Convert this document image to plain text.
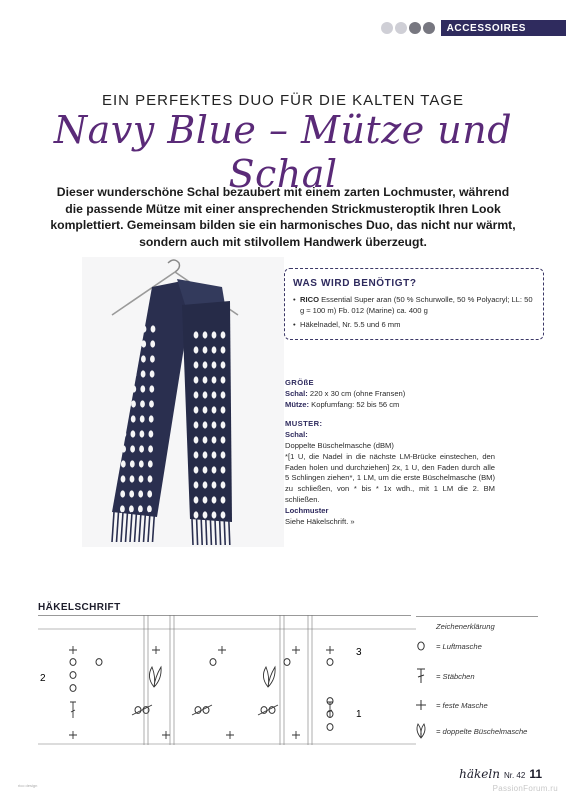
ACCESSOIRES
EIN PERFEKTES DUO FÜR DIE KALTEN TAGE
Navy Blue – Mütze und Schal
Dieser wunderschöne Schal bezaubert mit einem zarten Lochmuster, während die passende Mütze mit einer ansprechenden Strickmusteroptik Ihren Look komplettiert. Gemeinsam bilden sie ein harmonisches Duo, das nicht nur wärmt, sondern auch mit stilvollem Handwerk überzeugt.
WAS WIRD BENÖTIGT?
• RICO Essential Super aran (50 % Schurwolle, 50 % Polyacryl; LL: 50 g ≈ 100 m) Fb. 012 (Marine) ca. 400 g
• Häkelnadel, Nr. 5.5 und 6 mm

GRÖßE

Schal: 220 x 30 cm (ohne Fransen)

Mütze: Kopfumfang: 52 bis 56 cm

MUSTER:

Schal:

Doppelte Büschelmasche (dBM)

*[1 U, die Nadel in die nächste LM-Brücke einstechen, den Faden holen und durchziehen] 2x, 1 U, den Faden durch alle 5 Schlingen ziehen*, 1 LM, um die erste Büschelmasche (BM) zu schließen, von * bis * 1x wdh., mit 1 LM die 2. BM schließen.

Lochmuster

Siehe Häkelschrift. »

HÄKELSCHRIFT
2
3
1
Zeichenerklärung
= Luftmasche
= Stäbchen
= feste Masche
= doppelte Büschelmasche
häkeln Nr. 42 11
rico design	PassionForum.ru
